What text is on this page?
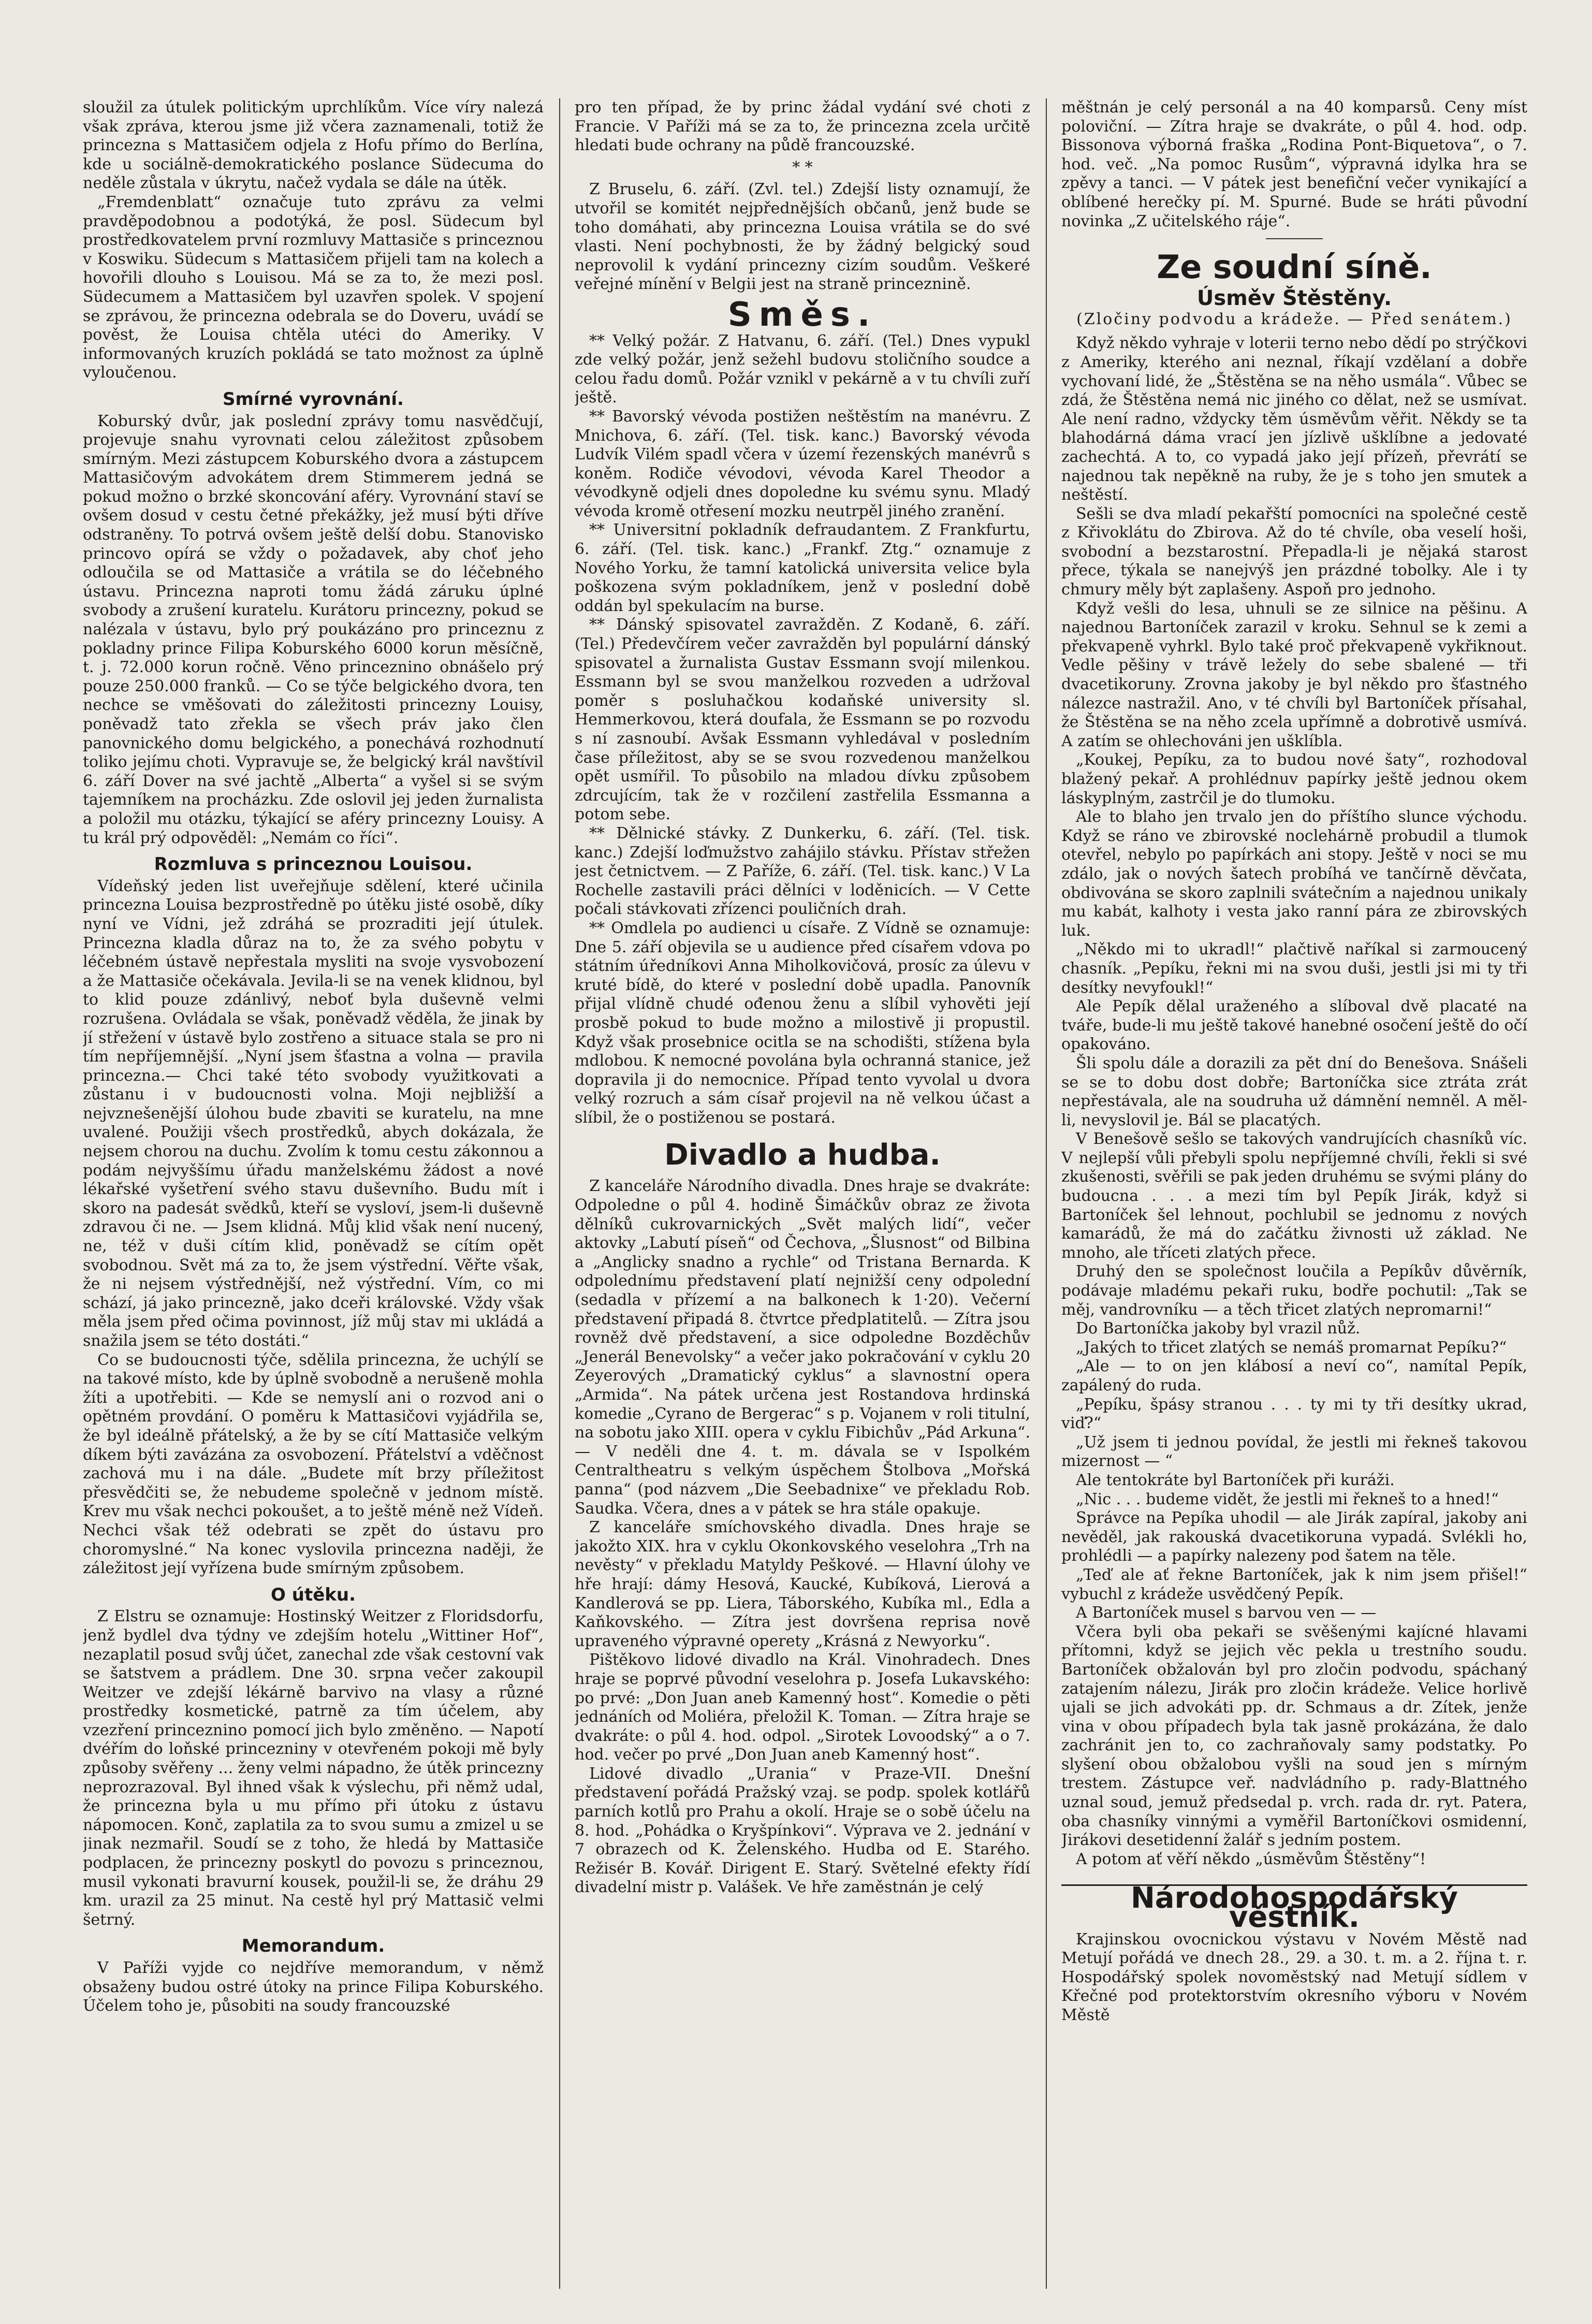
sloužil za útulek politickým uprchlíkům. Více víry nalezá však zpráva, kterou jsme již včera zaznamenali, totiž že princezna s Mattasičem odjela z Hofu přímo do Berlína, kde u sociálně-demokratického poslance Südecuma do neděle zůstala v úkrytu, načež vydala se dále na útěk.

„Fremdenblatt“ označuje tuto zprávu za velmi pravděpodobnou a podotýká, že posl. Südecum byl prostředkovatelem první rozmluvy Mattasiče s princeznou v Koswiku. Südecum s Mattasičem přijeli tam na kolech a hovořili dlouho s Louisou. Má se za to, že mezi posl. Südecumem a Mattasičem byl uzavřen spolek. V spojení se zprávou, že princezna odebrala se do Doveru, uvádí se pověst, že Louisa chtěla utéci do Ameriky. V informovaných kruzích pokládá se tato možnost za úplně vyloučenou.

Smírné vyrovnání.

Koburský dvůr, jak poslední zprávy tomu nasvědčují, projevuje snahu vyrovnati celou záležitost způsobem smírným. Mezi zástupcem Koburského dvora a zástupcem Mattasičovým advokátem drem Stimmerem jedná se pokud možno o brzké skoncování aféry. Vyrovnání staví se ovšem dosud v cestu četné překážky, jež musí býti dříve odstraněny. To potrvá ovšem ještě delší dobu. Stanovisko princovo opírá se vždy o požadavek, aby choť jeho odloučila se od Mattasiče a vrátila se do léčebného ústavu. Princezna naproti tomu žádá záruku úplné svobody a zrušení kuratelu. Kurátoru princezny, pokud se nalézala v ústavu, bylo prý poukázáno pro princeznu z pokladny prince Filipa Koburského 6000 korun měsíčně, t. j. 72.000 korun ročně. Věno princeznino obnášelo prý pouze 250.000 franků. — Co se týče belgického dvora, ten nechce se vměšovati do záležitosti princezny Louisy, poněvadž tato zřekla se všech práv jako člen panovnického domu belgického, a ponechává rozhodnutí toliko jejímu choti. Vypravuje se, že belgický král navštívil 6. září Dover na své jachtě „Alberta“ a vyšel si se svým tajemníkem na procházku. Zde oslovil jej jeden žurnalista a položil mu otázku, týkající se aféry princezny Louisy. A tu král prý odpověděl: „Nemám co říci“.

Rozmluva s princeznou Louisou.

Vídeňský jeden list uveřejňuje sdělení, které učinila princezna Louisa bezprostředně po útěku jisté osobě, díky nyní ve Vídni, jež zdráhá se prozraditi její útulek. Princezna kladla důraz na to, že za svého pobytu v léčebném ústavě nepřestala mysliti na svoje vysvobození a že Mattasiče očekávala. Jevila-li se na venek klidnou, byl to klid pouze zdánlivý, neboť byla duševně velmi rozrušena. Ovládala se však, poněvadž věděla, že jinak by jí střežení v ústavě bylo zostřeno a situace stala se pro ni tím nepříjemnější. „Nyní jsem šťastna a volna — pravila princezna.— Chci také této svobody využitkovati a zůstanu i v budoucnosti volna. Moji nejbližší a nejvznešenější úlohou bude zbaviti se kuratelu, na mne uvalené. Použiji všech prostředků, abych dokázala, že nejsem chorou na duchu. Zvolím k tomu cestu zákonnou a podám nejvyššímu úřadu manželskému žádost a nové lékařské vyšetření svého stavu duševního. Budu mít i skoro na padesát svědků, kteří se vysloví, jsem-li duševně zdravou či ne. — Jsem klidná. Můj klid však není nucený, ne, též v duši cítím klid, poněvadž se cítím opět svobodnou. Svět má za to, že jsem výstřední. Věřte však, že ni nejsem výstřednější, než výstřední. Vím, co mi schází, já jako princezně, jako dceři královské. Vždy však měla jsem před očima povinnost, jíž můj stav mi ukládá a snažila jsem se této dostáti.“

Co se budoucnosti týče, sdělila princezna, že uchýlí se na takové místo, kde by úplně svobodně a nerušeně mohla žíti a upotřebiti. — Kde se nemyslí ani o rozvod ani o opětném provdání. O poměru k Mattasičovi vyjádřila se, že byl ideálně přátelský, a že by se cítí Mattasiče velkým díkem býti zavázána za osvobození. Přátelství a vděčnost zachová mu i na dále. „Budete mít brzy příležitost přesvědčiti se, že nebudeme společně v jednom místě. Krev mu však nechci pokoušet, a to ještě méně než Vídeň. Nechci však též odebrati se zpět do ústavu pro choromyslné.“ Na konec vyslovila princezna naději, že záležitost její vyřízena bude smírným způsobem.

O útěku.

Z Elstru se oznamuje: Hostinský Weitzer z Floridsdorfu, jenž bydlel dva týdny ve zdejším hotelu „Wittiner Hof“, nezaplatil posud svůj účet, zanechal zde však cestovní vak se šatstvem a prádlem. Dne 30. srpna večer zakoupil Weitzer ve zdejší lékárně barvivo na vlasy a různé prostředky kosmetické, patrně za tím účelem, aby vzezření princeznino pomocí jich bylo změněno. — Napotí dvéřím do loňské princezniny v otevřeném pokoji mě byly způsoby svěřeny ... ženy velmi nápadno, že útěk princezny neprozrazoval. Byl ihned však k výslechu, při němž udal, že princezna byla u mu přímo při útoku z ústavu nápomocen. Konč, zaplatila za to svou sumu a zmizel u se jinak nezmařil. Soudí se z toho, že hledá by Mattasiče podplacen, že princezny poskytl do povozu s princeznou, musil vykonati bravurní kousek, použil-li se, že dráhu 29 km. urazil za 25 minut. Na cestě hyl prý Mattasič velmi šetrný.

Memorandum.

V Paříži vyjde co nejdříve memorandum, v němž obsaženy budou ostré útoky na prince Filipa Koburského. Účelem toho je, působiti na soudy francouzské

pro ten případ, že by princ žádal vydání své choti z Francie. V Paříži má se za to, že princezna zcela určitě hledati bude ochrany na půdě francouzské.

* *

Z Bruselu, 6. září. (Zvl. tel.) Zdejší listy oznamují, že utvořil se komitét nejpřednějších občanů, jenž bude se toho domáhati, aby princezna Louisa vrátila se do své vlasti. Není pochybnosti, že by žádný belgický soud neprovolil k vydání princezny cizím soudům. Veškeré veřejné mínění v Belgii jest na straně princeznině.

Směs.

** Velký požár. Z Hatvanu, 6. září. (Tel.) Dnes vypukl zde velký požár, jenž sežehl budovu stoličního soudce a celou řadu domů. Požár vznikl v pekárně a v tu chvíli zuří ještě.

** Bavorský vévoda postižen neštěstím na manévru. Z Mnichova, 6. září. (Tel. tisk. kanc.) Bavorský vévoda Ludvík Vilém spadl včera v území řezenských manévrů s koněm. Rodiče vévodovi, vévoda Karel Theodor a vévodkyně odjeli dnes dopoledne ku svému synu. Mladý vévoda kromě otřesení mozku neutrpěl jiného zranění.

** Universitní pokladník defraudantem. Z Frankfurtu, 6. září. (Tel. tisk. kanc.) „Frankf. Ztg.“ oznamuje z Nového Yorku, že tamní katolická universita velice byla poškozena svým pokladníkem, jenž v poslední době oddán byl spekulacím na burse.

** Dánský spisovatel zavražděn. Z Kodaně, 6. září. (Tel.) Předevčírem večer zavražděn byl populární dánský spisovatel a žurnalista Gustav Essmann svojí milenkou. Essmann byl se svou manželkou rozveden a udržoval poměr s posluhačkou kodaňské university sl. Hemmerkovou, která doufala, že Essmann se po rozvodu s ní zasnoubí. Avšak Essmann vyhledával v posledním čase příležitost, aby se se svou rozvedenou manželkou opět usmířil. To působilo na mladou dívku způsobem zdrcujícím, tak že v rozčilení zastřelila Essmanna a potom sebe.

** Dělnické stávky. Z Dunkerku, 6. září. (Tel. tisk. kanc.) Zdejší loďmužstvo zahájilo stávku. Přístav střežen jest četnictvem. — Z Paříže, 6. září. (Tel. tisk. kanc.) V La Rochelle zastavili práci dělníci v loděnicích. — V Cette počali stávkovati zřízenci pouličních drah.

** Omdlela po audienci u císaře. Z Vídně se oznamuje: Dne 5. září objevila se u audience před císařem vdova po státním úředníkovi Anna Miholkovičová, prosíc za úlevu v kruté bídě, do které v poslední době upadla. Panovník přijal vlídně chudé ođenou ženu a slíbil vyhověti její prosbě pokud to bude možno a milostivě ji propustil. Když však prosebnice ocitla se na schodišti, stížena byla mdlobou. K nemocné povolána byla ochranná stanice, jež dopravila ji do nemocnice. Případ tento vyvolal u dvora velký rozruch a sám císař projevil na ně velkou účast a slíbil, že o postiženou se postará.

Divadlo a hudba.

Z kanceláře Národního divadla. Dnes hraje se dvakráte: Odpoledne o půl 4. hodině Šimáčkův obraz ze života dělníků cukrovarnických „Svět malých lidí“, večer aktovky „Labutí píseň“ od Čechova, „Šlusnost“ od Bilbina a „Anglicky snadno a rychle“ od Tristana Bernarda. K odpolednímu představení platí nejnižší ceny odpolední (sedadla v přízemí a na balkonech k 1·20). Večerní představení připadá 8. čtvrtce předplatitelů. — Zítra jsou rovněž dvě představení, a sice odpoledne Bozděchův „Jenerál Benevolsky“ a večer jako pokračování v cyklu 20 Zeyerových „Dramatický cyklus“ a slavnostní opera „Armida“. Na pátek určena jest Rostandova hrdinská komedie „Cyrano de Bergerac“ s p. Vojanem v roli titulní, na sobotu jako XIII. opera v cyklu Fibichův „Pád Arkuna“. — V neděli dne 4. t. m. dávala se v Ispolkém Centraltheatru s velkým úspěchem Štolbova „Mořská panna“ (pod názvem „Die Seebadnixe“ ve překladu Rob. Saudka. Včera, dnes a v pátek se hra stále opakuje.

Z kanceláře smíchovského divadla. Dnes hraje se jakožto XIX. hra v cyklu Okonkovského veselohra „Trh na nevěsty“ v překladu Matyldy Peškové. — Hlavní úlohy ve hře hrají: dámy Hesová, Kaucké, Kubíková, Lierová a Kandlerová se pp. Liera, Táborského, Kubíka ml., Edla a Kaňkovského. — Zítra jest dovršena reprisa nově upraveného výpravné operety „Krásná z Newyorku“.

Pištěkovo lidové divadlo na Král. Vinohradech. Dnes hraje se poprvé původní veselohra p. Josefa Lukavského: po prvé: „Don Juan aneb Kamenný host“. Komedie o pěti jednáních od Moliéra, přeložil K. Toman. — Zítra hraje se dvakráte: o půl 4. hod. odpol. „Sirotek Lovoodský“ a o 7. hod. večer po prvé „Don Juan aneb Kamenný host“.

Lidové divadlo „Urania“ v Praze-VII. Dnešní představení pořádá Pražský vzaj. se podp. spolek kotlářů parních kotlů pro Prahu a okolí. Hraje se o sobě účelu na 8. hod. „Pohádka o Kryšpínkovi“. Výprava ve 2. jednání v 7 obrazech od K. Želenského. Hudba od E. Starého. Režisér B. Kovář. Dirigent E. Starý. Světelné efekty řídí divadelní mistr p. Valášek. Ve hře zaměstnán je celý

měštnán je celý personál a na 40 komparsů. Ceny míst poloviční. — Zítra hraje se dvakráte, o půl 4. hod. odp. Bissonova výborná fraška „Rodina Pont-Biquetova“, o 7. hod. več. „Na pomoc Rusům“, výpravná idylka hra se zpěvy a tanci. — V pátek jest benefiční večer vynikající a oblíbené herečky pí. M. Spurné. Bude se hráti původní novinka „Z učitelského ráje“.

Ze soudní síně.
Úsměv Štěstěny.
(Zločiny podvodu a krádeže. — Před senátem.)

Když někdo vyhraje v loterii terno nebo dědí po strýčkovi z Ameriky, kterého ani neznal, říkají vzdělaní a dobře vychovaní lidé, že „Štěstěna se na něho usmála“. Vůbec se zdá, že Štěstěna nemá nic jiného co dělat, než se usmívat. Ale není radno, vždycky těm úsměvům věřit. Někdy se ta blahodárná dáma vrací jen jízlivě ušklíbne a jedovaté zachechtá. A to, co vypadá jako její přízeň, převrátí se najednou tak nepěkně na ruby, že je s toho jen smutek a neštěstí.

Sešli se dva mladí pekařští pomocníci na společné cestě z Křivoklátu do Zbirova. Až do té chvíle, oba veselí hoši, svobodní a bezstarostní. Přepadla-li je nějaká starost přece, týkala se nanejvýš jen prázdné tobolky. Ale i ty chmury měly být zaplašeny. Aspoň pro jednoho.

Když vešli do lesa, uhnuli se ze silnice na pěšinu. A najednou Bartoníček zarazil v kroku. Sehnul se k zemi a překvapeně vyhrkl. Bylo také proč překvapeně vykřiknout. Vedle pěšiny v trávě ležely do sebe sbalené — tři dvacetikoruny. Zrovna jakoby je byl někdo pro šťastného nálezce nastražil. Ano, v té chvíli byl Bartoníček přísahal, že Štěstěna se na něho zcela upřímně a dobrotivě usmívá. A zatím se ohlechováni jen ušklíbla.

„Koukej, Pepíku, za to budou nové šaty“, rozhodoval blažený pekař. A prohlédnuv papírky ještě jednou okem láskyplným, zastrčil je do tlumoku.

Ale to blaho jen trvalo jen do příštího slunce východu. Když se ráno ve zbirovské noclehárně probudil a tlumok otevřel, nebylo po papírkách ani stopy. Ještě v noci se mu zdálo, jak o nových šatech probíhá ve tančírně děvčata, obdivována se skoro zaplnili svátečním a najednou unikaly mu kabát, kalhoty i vesta jako ranní pára ze zbirovských luk.

„Někdo mi to ukradl!“ plačtivě naříkal si zarmoucený chasník. „Pepíku, řekni mi na svou duši, jestli jsi mi ty tři desítky nevyfoukl!“

Ale Pepík dělal uraženého a slíboval dvě placaté na tváře, bude-li mu ještě takové hanebné osočení ještě do očí opakováno.

Šli spolu dále a dorazili za pět dní do Benešova. Snášeli se se to dobu dost dobře; Bartoníčka sice ztráta zrát nepřestávala, ale na soudruha už dámnění nemněl. A měl-li, nevyslovil je. Bál se placatých.

V Benešově sešlo se takových vandrujících chasníků víc. V nejlepší vůli přebyli spolu nepříjemné chvíli, řekli si své zkušenosti, svěřili se pak jeden druhému se svými plány do budoucna . . . a mezi tím byl Pepík Jirák, když si Bartoníček šel lehnout, pochlubil se jednomu z nových kamarádů, že má do začátku živnosti už základ. Ne mnoho, ale tříceti zlatých přece.

Druhý den se společnost loučila a Pepíkův důvěrník, podávaje mladému pekaři ruku, bodře pochutil: „Tak se měj, vandrovníku — a těch třicet zlatých nepromarni!“

Do Bartoníčka jakoby byl vrazil nůž.

„Jakých to třicet zlatých se nemáš promarnat Pepíku?“

„Ale — to on jen klábosí a neví co“, namítal Pepík, zapálený do ruda.

„Pepíku, špásy stranou . . . ty mi ty tři desítky ukrad, viď?“

„Už jsem ti jednou povídal, že jestli mi řekneš takovou mizernost — “

Ale tentokráte byl Bartoníček při kuráži.

„Nic . . . budeme vidět, že jestli mi řekneš to a hned!“

Správce na Pepíka uhodil — ale Jirák zapíral, jakoby ani nevěděl, jak rakouská dvacetikoruna vypadá. Svlékli ho, prohlédli — a papírky nalezeny pod šatem na těle.

„Teď ale ať řekne Bartoníček, jak k nim jsem přišel!“ vybuchl z krádeže usvědčený Pepík.

A Bartoníček musel s barvou ven — —

Včera byli oba pekaři se svěšenými kajícné hlavami přítomni, když se jejich věc pekla u trestního soudu. Bartoníček obžalován byl pro zločin podvodu, spáchaný zatajením nálezu, Jirák pro zločin krádeže. Velice horlivě ujali se jich advokáti pp. dr. Schmaus a dr. Zítek, jenže vina v obou případech byla tak jasně prokázána, že dalo zachránit jen to, co zachraňovaly samy podstatky. Po slyšení obou obžalobou vyšli na soud jen s mírným trestem. Zástupce veř. nadvládního p. rady-Blattného uznal soud, jemuž předsedal p. vrch. rada dr. ryt. Patera, oba chasníky vinnými a vyměřil Bartoníčkovi osmidenní, Jirákovi desetidenní žalář s jedním postem.

A potom ať věří někdo „úsměvům Štěstěny“!

Národohospodářský věstník.

Krajinskou ovocnickou výstavu v Novém Městě nad Metují pořádá ve dnech 28., 29. a 30. t. m. a 2. října t. r. Hospodářský spolek novoměstský nad Metují sídlem v Křečné pod protektorstvím okresního výboru v Novém Městě
